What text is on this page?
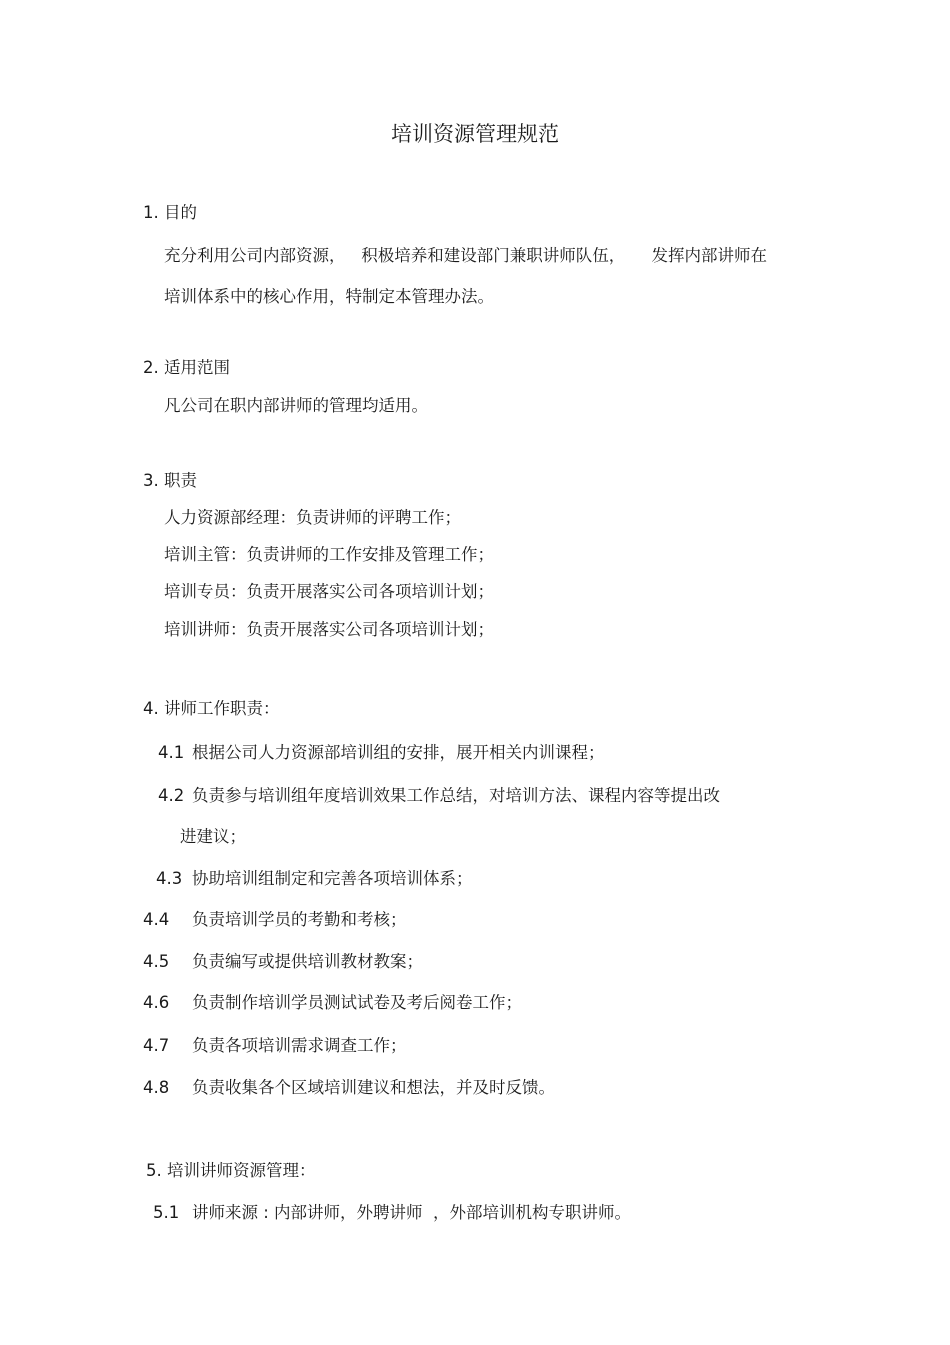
培训资源管理规范
1. 目的
充分利用公司内部资源，   积极培养和建设部门兼职讲师队伍，     发挥内部讲师在
培训体系中的核心作用，特制定本管理办法。
2. 适用范围
凡公司在职内部讲师的管理均适用。
3. 职责
人力资源部经理：负责讲师的评聘工作；
培训主管：负责讲师的工作安排及管理工作；
培训专员：负责开展落实公司各项培训计划；
培训讲师：负责开展落实公司各项培训计划；
4. 讲师工作职责：
4.1 根据公司人力资源部培训组的安排，展开相关内训课程；
4.2 负责参与培训组年度培训效果工作总结，对培训方法、课程内容等提出改
进建议；
4.3 协助培训组制定和完善各项培训体系；
4.4 负责培训学员的考勤和考核；
4.5 负责编写或提供培训教材教案；
4.6 负责制作培训学员测试试卷及考后阅卷工作；
4.7 负责各项培训需求调查工作；
4.8 负责收集各个区域培训建议和想法，并及时反馈。
5. 培训讲师资源管理：
5.1 讲师来源 : 内部讲师，外聘讲师  ，外部培训机构专职讲师。
